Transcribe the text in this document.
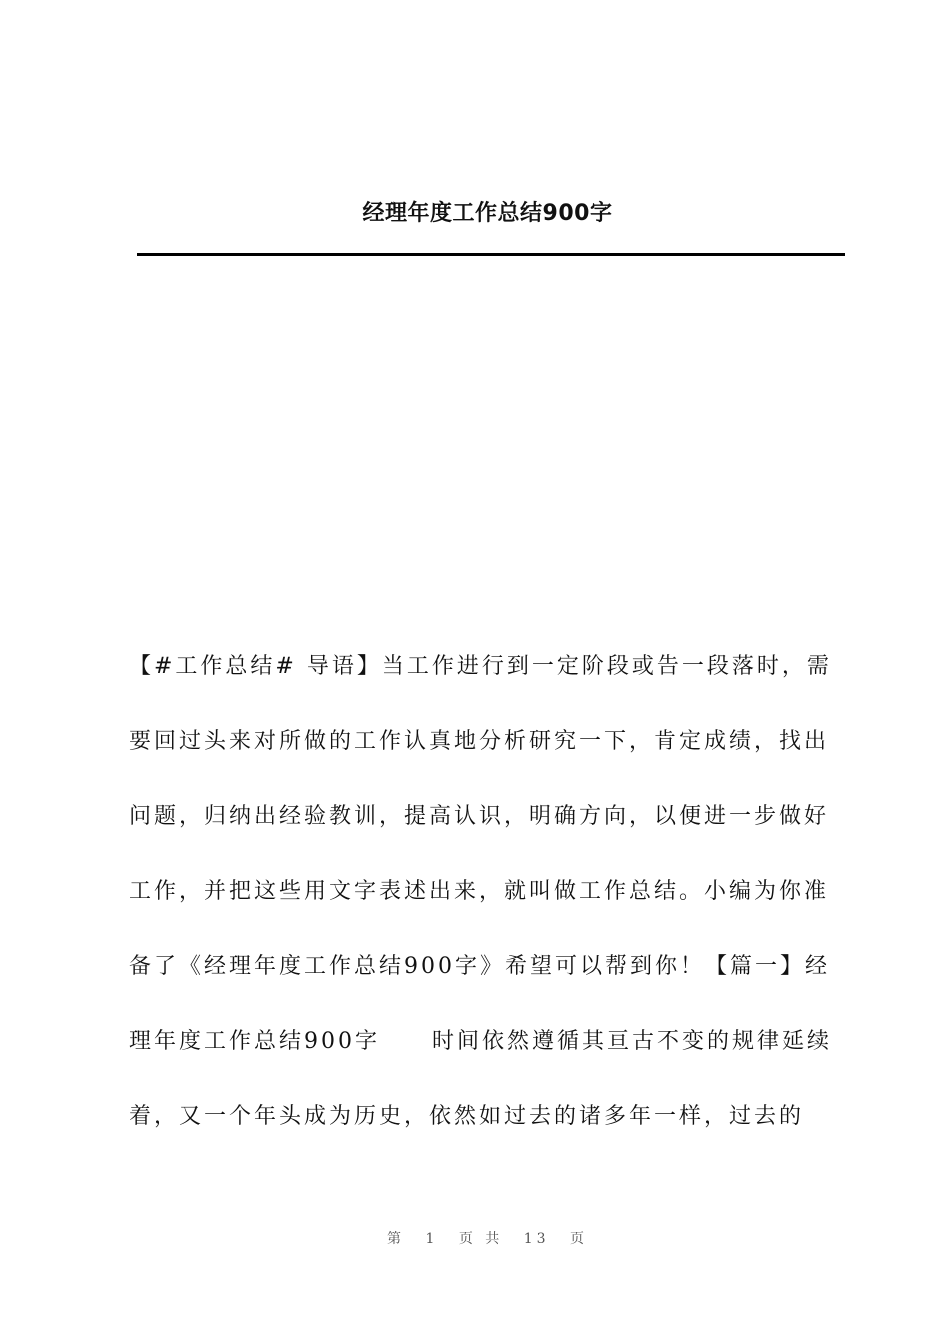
经理年度工作总结900字
【#工作总结# 导语】当工作进行到一定阶段或告一段落时，需
要回过头来对所做的工作认真地分析研究一下，肯定成绩，找出
问题，归纳出经验教训，提高认识，明确方向，以便进一步做好
工作，并把这些用文字表述出来，就叫做工作总结。小编为你准
备了《经理年度工作总结900字》希望可以帮到你！【篇一】经
理年度工作总结900字 时间依然遵循其亘古不变的规律延续
着，又一个年头成为历史，依然如过去的诸多年一样，过去的
第 1 页 共 13 页
